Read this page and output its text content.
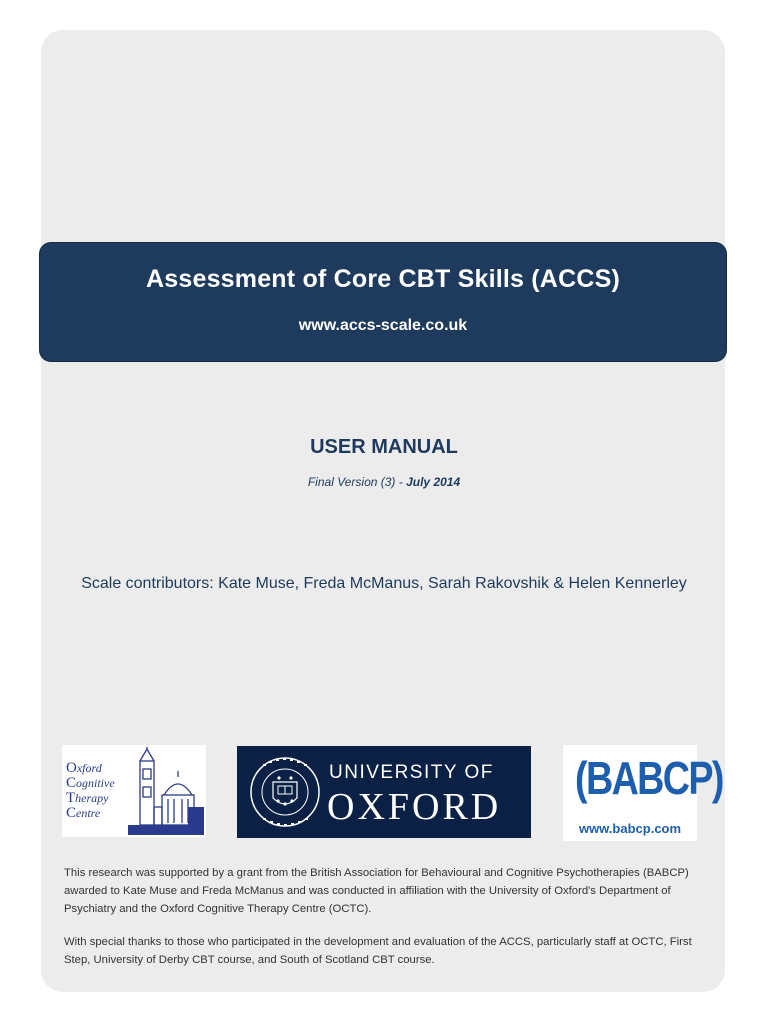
Assessment of Core CBT Skills (ACCS)
www.accs-scale.co.uk
USER MANUAL
Final Version (3) - July 2014
Scale contributors: Kate Muse, Freda McManus, Sarah Rakovshik & Helen Kennerley
Oxford
Cognitive
Therapy
Centre
UNIVERSITY OF
OXFORD
(BABCP)
www.babcp.com
This research was supported by a grant from the British Association for Behavioural and Cognitive Psychotherapies (BABCP) awarded to Kate Muse and Freda McManus and was conducted in affiliation with the University of Oxford's Department of Psychiatry and the Oxford Cognitive Therapy Centre (OCTC).
With special thanks to those who participated in the development and evaluation of the ACCS, particularly staff at OCTC, First Step, University of Derby CBT course, and South of Scotland CBT course.
